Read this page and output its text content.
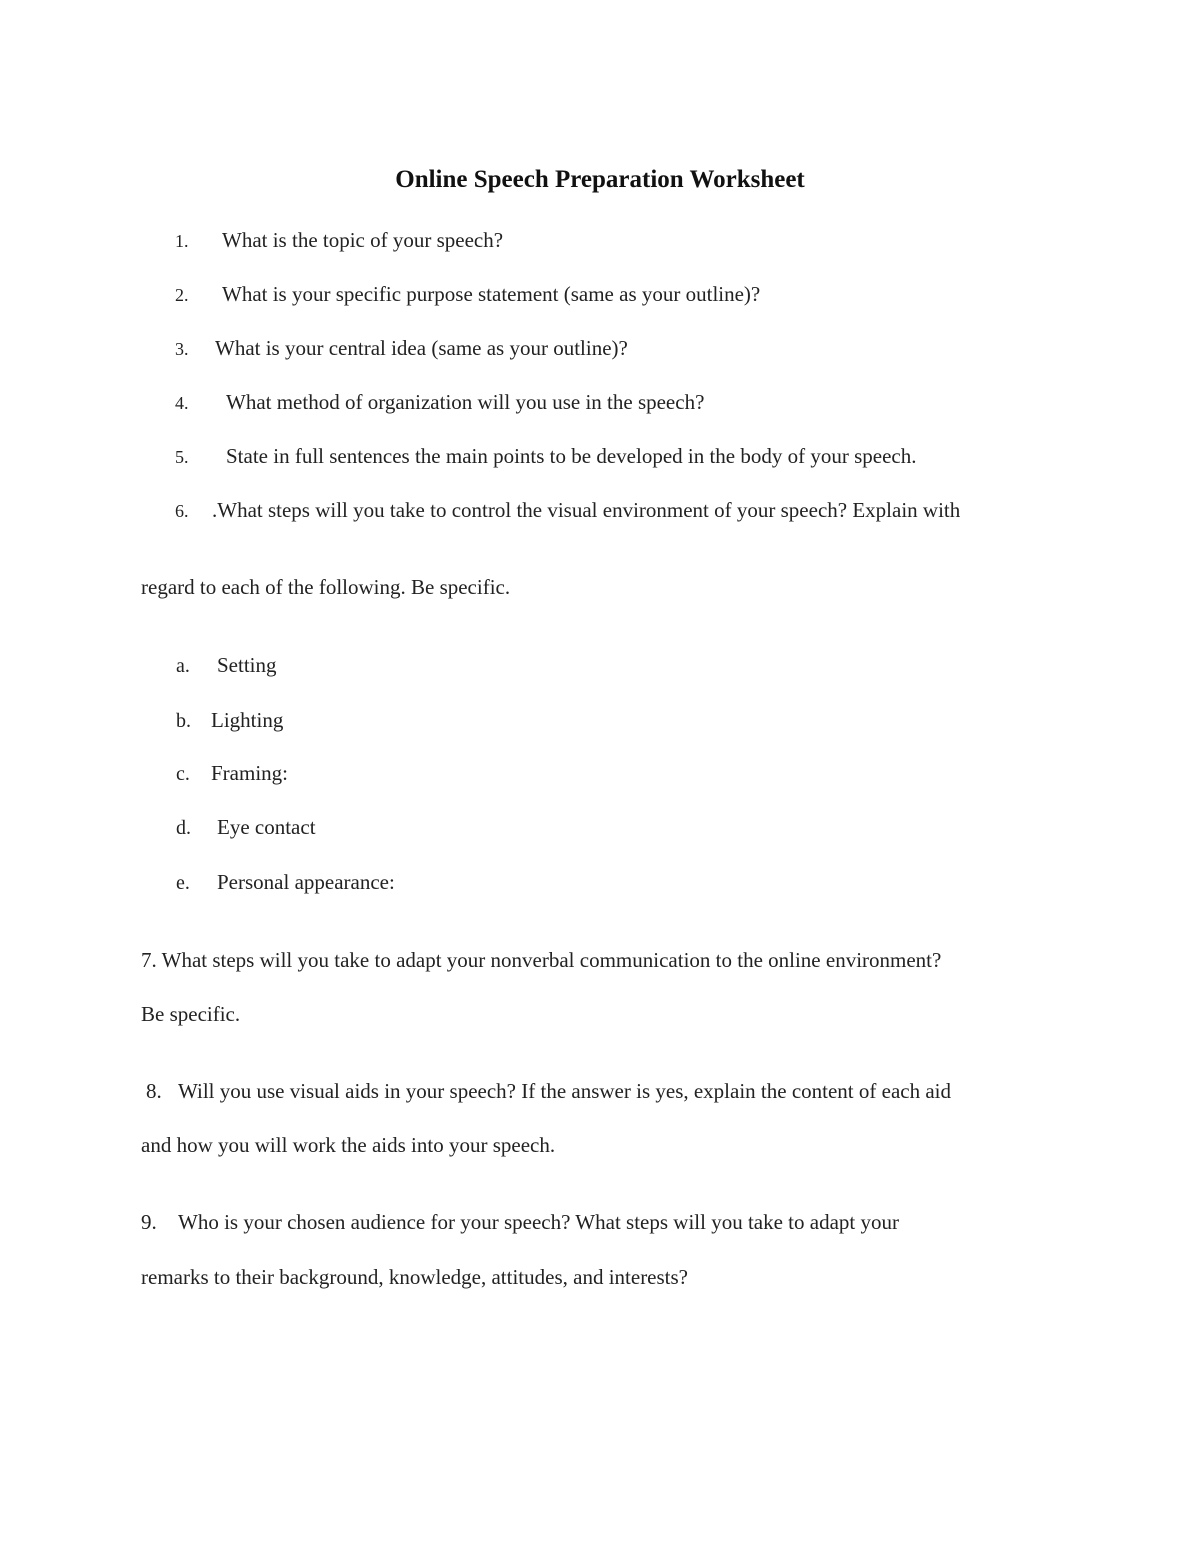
Online Speech Preparation Worksheet
1. What is the topic of your speech?
2. What is your specific purpose statement (same as your outline)?
3. What is your central idea (same as your outline)?
4. What method of organization will you use in the speech?
5. State in full sentences the main points to be developed in the body of your speech.
6. .What steps will you take to control the visual environment of your speech? Explain with
regard to each of the following. Be specific.
a. Setting
b. Lighting
c. Framing:
d. Eye contact
e. Personal appearance:
7. What steps will you take to adapt your nonverbal communication to the online environment?
Be specific.
8. Will you use visual aids in your speech? If the answer is yes, explain the content of each aid
and how you will work the aids into your speech.
9. Who is your chosen audience for your speech? What steps will you take to adapt your
remarks to their background, knowledge, attitudes, and interests?
